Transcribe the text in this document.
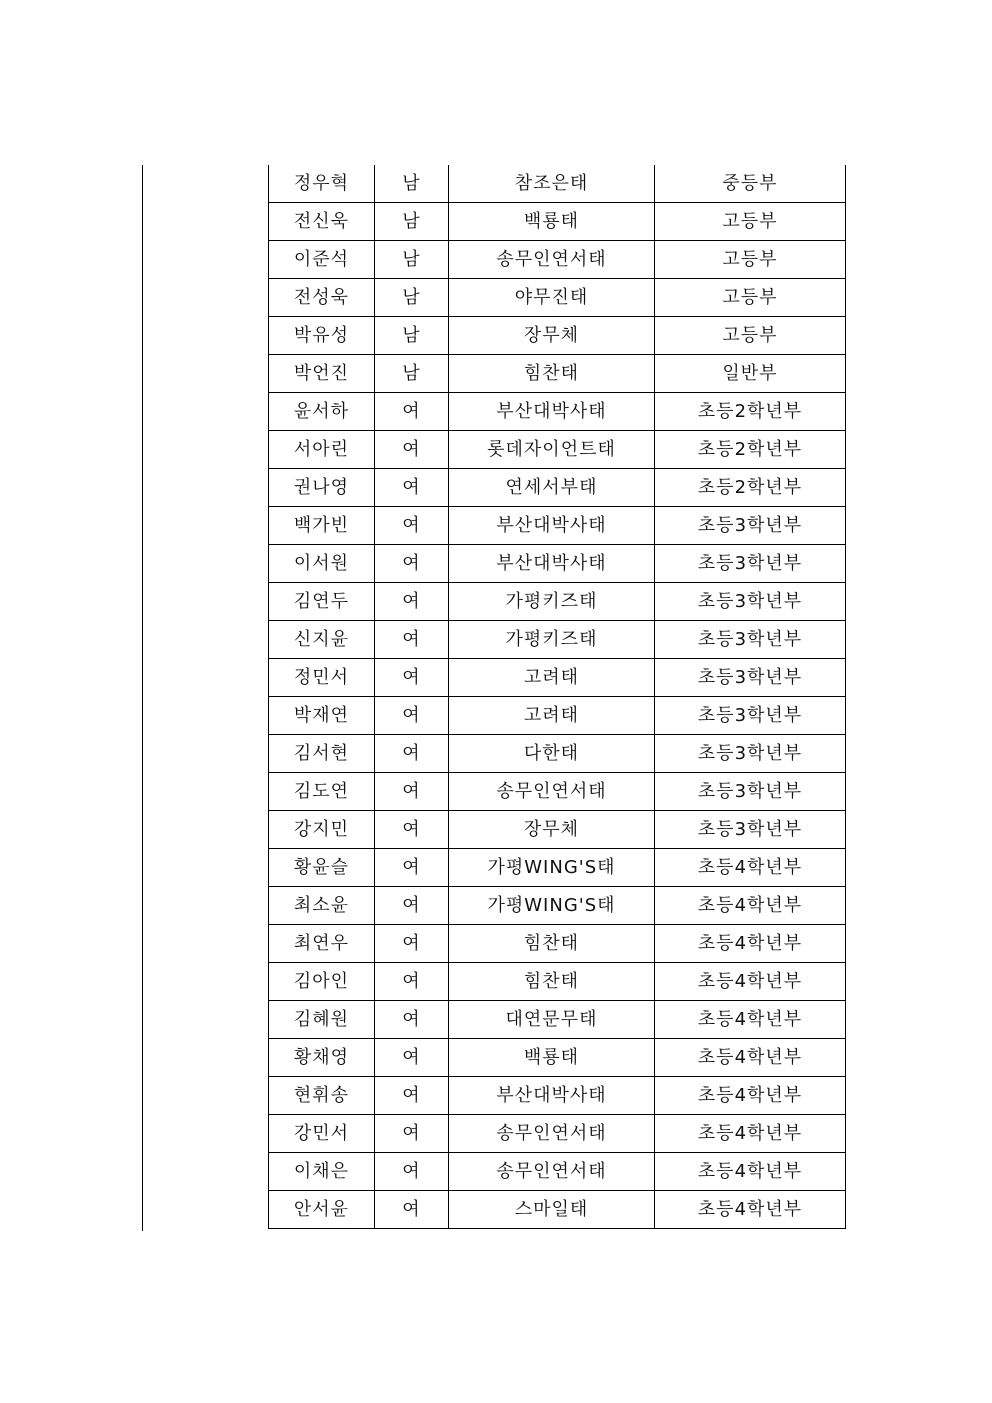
정우혁	남	참조은태	중등부
전신욱	남	백룡태	고등부
이준석	남	송무인연서태	고등부
전성욱	남	야무진태	고등부
박유성	남	장무체	고등부
박언진	남	힘찬태	일반부
윤서하	여	부산대박사태	초등2학년부
서아린	여	롯데자이언트태	초등2학년부
권나영	여	연세서부태	초등2학년부
백가빈	여	부산대박사태	초등3학년부
이서원	여	부산대박사태	초등3학년부
김연두	여	가평키즈태	초등3학년부
신지윤	여	가평키즈태	초등3학년부
정민서	여	고려태	초등3학년부
박재연	여	고려태	초등3학년부
김서현	여	다한태	초등3학년부
김도연	여	송무인연서태	초등3학년부
강지민	여	장무체	초등3학년부
황윤슬	여	가평WING'S태	초등4학년부
최소윤	여	가평WING'S태	초등4학년부
최연우	여	힘찬태	초등4학년부
김아인	여	힘찬태	초등4학년부
김혜원	여	대연문무태	초등4학년부
황채영	여	백룡태	초등4학년부
현휘송	여	부산대박사태	초등4학년부
강민서	여	송무인연서태	초등4학년부
이채은	여	송무인연서태	초등4학년부
안서윤	여	스마일태	초등4학년부
